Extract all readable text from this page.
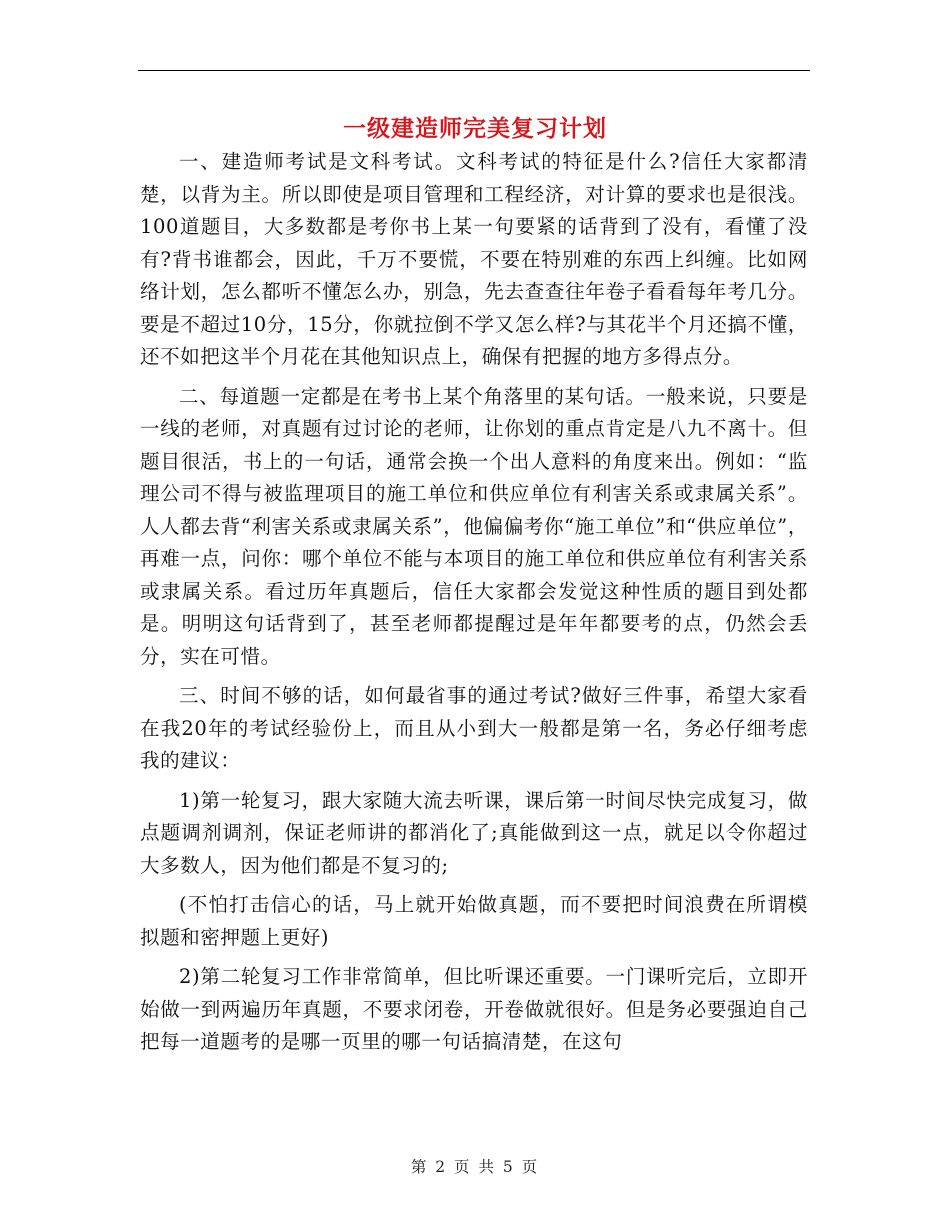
一级建造师完美复习计划

一、建造师考试是文科考试。文科考试的特征是什么?信任大家都清楚，以背为主。所以即使是项目管理和工程经济，对计算的要求也是很浅。100道题目，大多数都是考你书上某一句要紧的话背到了没有，看懂了没有?背书谁都会，因此，千万不要慌，不要在特别难的东西上纠缠。比如网络计划，怎么都听不懂怎么办，别急，先去查查往年卷子看看每年考几分。要是不超过10分，15分，你就拉倒不学又怎么样?与其花半个月还搞不懂，还不如把这半个月花在其他知识点上，确保有把握的地方多得点分。

二、每道题一定都是在考书上某个角落里的某句话。一般来说，只要是一线的老师，对真题有过讨论的老师，让你划的重点肯定是八九不离十。但题目很活，书上的一句话，通常会换一个出人意料的角度来出。例如：“监理公司不得与被监理项目的施工单位和供应单位有利害关系或隶属关系”。人人都去背“利害关系或隶属关系”，他偏偏考你“施工单位”和“供应单位”，再难一点，问你：哪个单位不能与本项目的施工单位和供应单位有利害关系或隶属关系。看过历年真题后，信任大家都会发觉这种性质的题目到处都是。明明这句话背到了，甚至老师都提醒过是年年都要考的点，仍然会丢分，实在可惜。

三、时间不够的话，如何最省事的通过考试?做好三件事，希望大家看在我20年的考试经验份上，而且从小到大一般都是第一名，务必仔细考虑我的建议：

1)第一轮复习，跟大家随大流去听课，课后第一时间尽快完成复习，做点题调剂调剂，保证老师讲的都消化了;真能做到这一点，就足以令你超过大多数人，因为他们都是不复习的;

(不怕打击信心的话，马上就开始做真题，而不要把时间浪费在所谓模拟题和密押题上更好)

2)第二轮复习工作非常简单，但比听课还重要。一门课听完后，立即开始做一到两遍历年真题，不要求闭卷，开卷做就很好。但是务必要强迫自己把每一道题考的是哪一页里的哪一句话搞清楚，在这句

第 2 页 共 5 页
